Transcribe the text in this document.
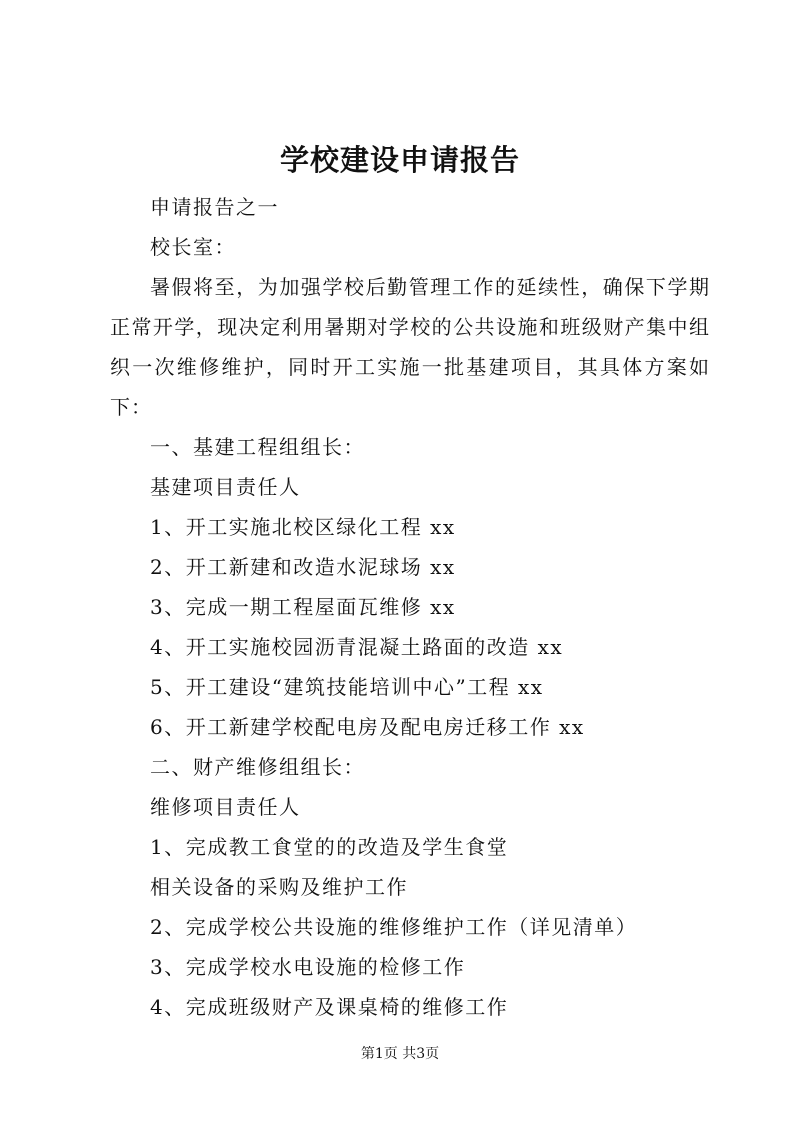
学校建设申请报告
申请报告之一
校长室：
暑假将至，为加强学校后勤管理工作的延续性，确保下学期正常开学，现决定利用暑期对学校的公共设施和班级财产集中组织一次维修维护，同时开工实施一批基建项目，其具体方案如下：
一、基建工程组组长：
基建项目责任人
1、开工实施北校区绿化工程 xx
2、开工新建和改造水泥球场 xx
3、完成一期工程屋面瓦维修 xx
4、开工实施校园沥青混凝土路面的改造 xx
5、开工建设“建筑技能培训中心”工程 xx
6、开工新建学校配电房及配电房迁移工作 xx
二、财产维修组组长：
维修项目责任人
1、完成教工食堂的的改造及学生食堂
相关设备的采购及维护工作
2、完成学校公共设施的维修维护工作（详见清单）
3、完成学校水电设施的检修工作
4、完成班级财产及课桌椅的维修工作
第1页 共3页
